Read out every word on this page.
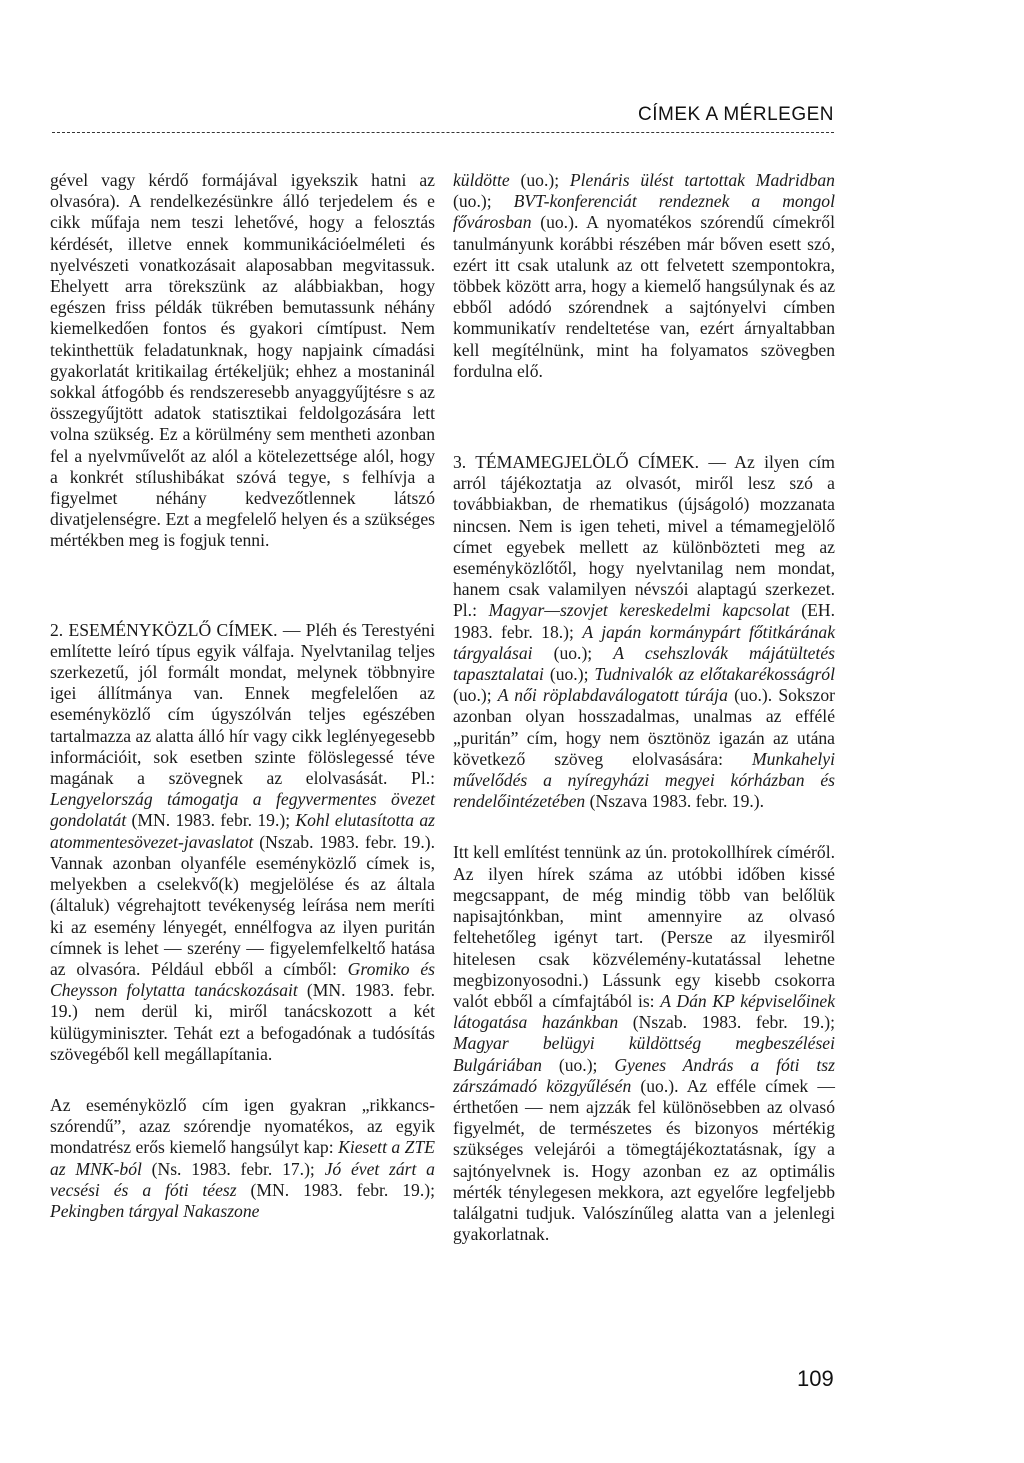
CÍMEK A MÉRLEGEN

gével vagy kérdő formájával igyekszik hatni az olvasóra). A rendelkezésünkre álló terjedelem és e cikk műfaja nem teszi lehetővé, hogy a felosztás kérdését, illetve ennek kommunikációelméleti és nyelvészeti vonatkozásait alaposabban megvitassuk. Ehelyett arra törekszünk az alábbiakban, hogy egészen friss példák tükrében bemutassunk néhány kiemelkedően fontos és gyakori címtípust. Nem tekinthettük feladatunknak, hogy napjaink címadási gyakorlatát kritikailag értékeljük; ehhez a mostaninál sokkal átfogóbb és rendszeresebb anyaggyűjtésre s az összegyűjtött adatok statisztikai feldolgozására lett volna szükség. Ez a körülmény sem mentheti azonban fel a nyelvművelőt az alól a kötelezettsége alól, hogy a konkrét stílushibákat szóvá tegye, s felhívja a figyelmet néhány kedvezőtlennek látszó divatjelenségre. Ezt a megfelelő helyen és a szükséges mértékben meg is fogjuk tenni.

2. ESEMÉNYKÖZLŐ CÍMEK. — Pléh és Terestyéni említette leíró típus egyik válfaja. Nyelvtanilag teljes szerkezetű, jól formált mondat, melynek többnyire igei állítmánya van. Ennek megfelelően az eseményközlő cím úgyszólván teljes egészében tartalmazza az alatta álló hír vagy cikk leglényegesebb információit, sok esetben szinte fölöslegessé téve magának a szövegnek az elolvasását. Pl.: Lengyelország támogatja a fegyvermentes övezet gondolatát (MN. 1983. febr. 19.); Kohl elutasította az atommentesövezet-javaslatot (Nszab. 1983. febr. 19.). Vannak azonban olyanféle eseményközlő címek is, melyekben a cselekvő(k) megjelölése és az általa (általuk) végrehajtott tevékenység leírása nem meríti ki az esemény lényegét, ennélfogva az ilyen puritán címnek is lehet — szerény — figyelemfelkeltő hatása az olvasóra. Például ebből a címből: Gromiko és Cheysson folytatta tanácskozásait (MN. 1983. febr. 19.) nem derül ki, miről tanácskozott a két külügyminiszter. Tehát ezt a befogadónak a tudósítás szövegéből kell megállapítania.

Az eseményközlő cím igen gyakran „rikkancs-szórendű”, azaz szórendje nyomatékos, az egyik mondatrész erős kiemelő hangsúlyt kap: Kiesett a ZTE az MNK-ból (Ns. 1983. febr. 17.); Jó évet zárt a vecsési és a fóti téesz (MN. 1983. febr. 19.); Pekingben tárgyal Nakaszone

küldötte (uo.); Plenáris ülést tartottak Madridban (uo.); BVT-konferenciát rendeznek a mongol fővárosban (uo.). A nyomatékos szórendű címekről tanulmányunk korábbi részében már bőven esett szó, ezért itt csak utalunk az ott felvetett szempontokra, többek között arra, hogy a kiemelő hangsúlynak és az ebből adódó szórendnek a sajtónyelvi címben kommunikatív rendeltetése van, ezért árnyaltabban kell megítélnünk, mint ha folyamatos szövegben fordulna elő.

3. TÉMAMEGJELÖLŐ CÍMEK. — Az ilyen cím arról tájékoztatja az olvasót, miről lesz szó a továbbiakban, de rhematikus (újságoló) mozzanata nincsen. Nem is igen teheti, mivel a témamegjelölő címet egyebek mellett az különbözteti meg az eseményközlőtől, hogy nyelvtanilag nem mondat, hanem csak valamilyen névszói alaptagú szerkezet. Pl.: Magyar—szovjet kereskedelmi kapcsolat (EH. 1983. febr. 18.); A japán kormánypárt főtitkárának tárgyalásai (uo.); A csehszlovák májátültetés tapasztalatai (uo.); Tudnivalók az előtakarékosságról (uo.); A női röplabdaválogatott túrája (uo.). Sokszor azonban olyan hosszadalmas, unalmas az effélé „puritán” cím, hogy nem ösztönöz igazán az utána következő szöveg elolvasására: Munkahelyi művelődés a nyíregyházi megyei kórházban és rendelőintézetében (Nszava 1983. febr. 19.).

Itt kell említést tennünk az ún. protokollhírek címéről. Az ilyen hírek száma az utóbbi időben kissé megcsappant, de még mindig több van belőlük napisajtónkban, mint amennyire az olvasó feltehetőleg igényt tart. (Persze az ilyesmiről hitelesen csak közvélemény-kutatással lehetne megbizonyosodni.) Lássunk egy kisebb csokorra valót ebből a címfajtából is: A Dán KP képviselőinek látogatása hazánkban (Nszab. 1983. febr. 19.); Magyar belügyi küldöttség megbeszélései Bulgáriában (uo.); Gyenes András a fóti tsz zárszámadó közgyűlésén (uo.). Az efféle címek — érthetően — nem ajzzák fel különösebben az olvasó figyelmét, de természetes és bizonyos mértékig szükséges velejárói a tömegtájékoztatásnak, így a sajtónyelvnek is. Hogy azonban ez az optimális mérték ténylegesen mekkora, azt egyelőre legfeljebb találgatni tudjuk. Valószínűleg alatta van a jelenlegi gyakorlatnak.

109
